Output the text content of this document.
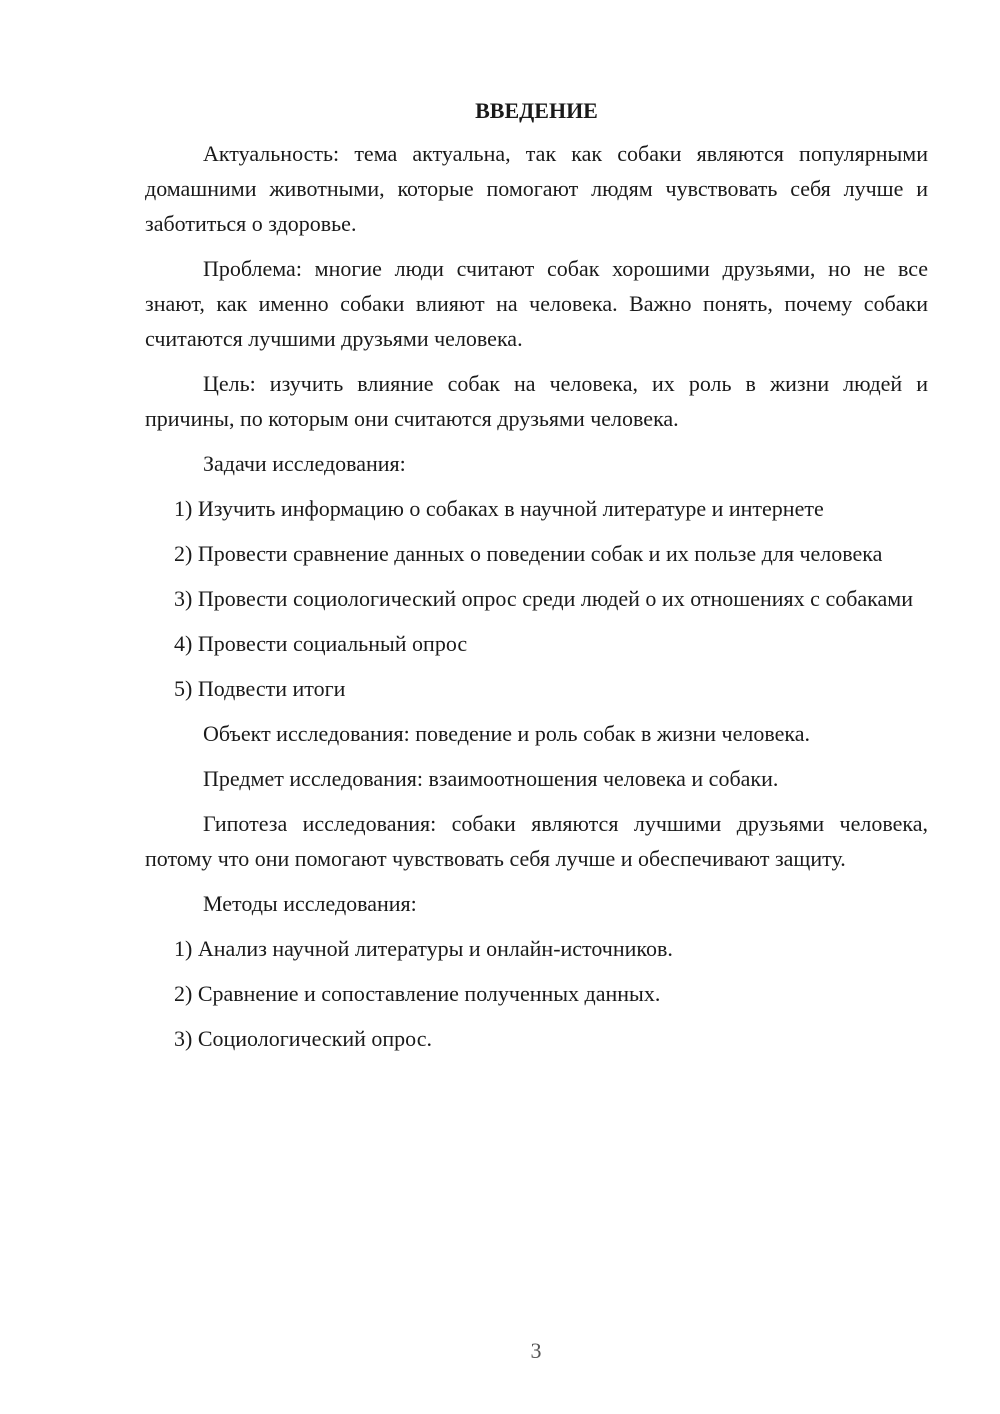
ВВЕДЕНИЕ

Актуальность: тема актуальна, так как собаки являются популярными домашними животными, которые помогают людям чувствовать себя лучше и заботиться о здоровье.

Проблема: многие люди считают собак хорошими друзьями, но не все знают, как именно собаки влияют на человека. Важно понять, почему собаки считаются лучшими друзьями человека.

Цель: изучить влияние собак на человека, их роль в жизни людей и причины, по которым они считаются друзьями человека.

Задачи исследования:

1) Изучить информацию о собаках в научной литературе и интернете

2) Провести сравнение данных о поведении собак и их пользе для человека

3) Провести социологический опрос среди людей о их отношениях с собаками

4) Провести социальный опрос

5) Подвести итоги

Объект исследования: поведение и роль собак в жизни человека.

Предмет исследования: взаимоотношения человека и собаки.

Гипотеза исследования: собаки являются лучшими друзьями человека, потому что они помогают чувствовать себя лучше и обеспечивают защиту.

Методы исследования:

1) Анализ научной литературы и онлайн-источников.

2) Сравнение и сопоставление полученных данных.

3) Социологический опрос.

3
